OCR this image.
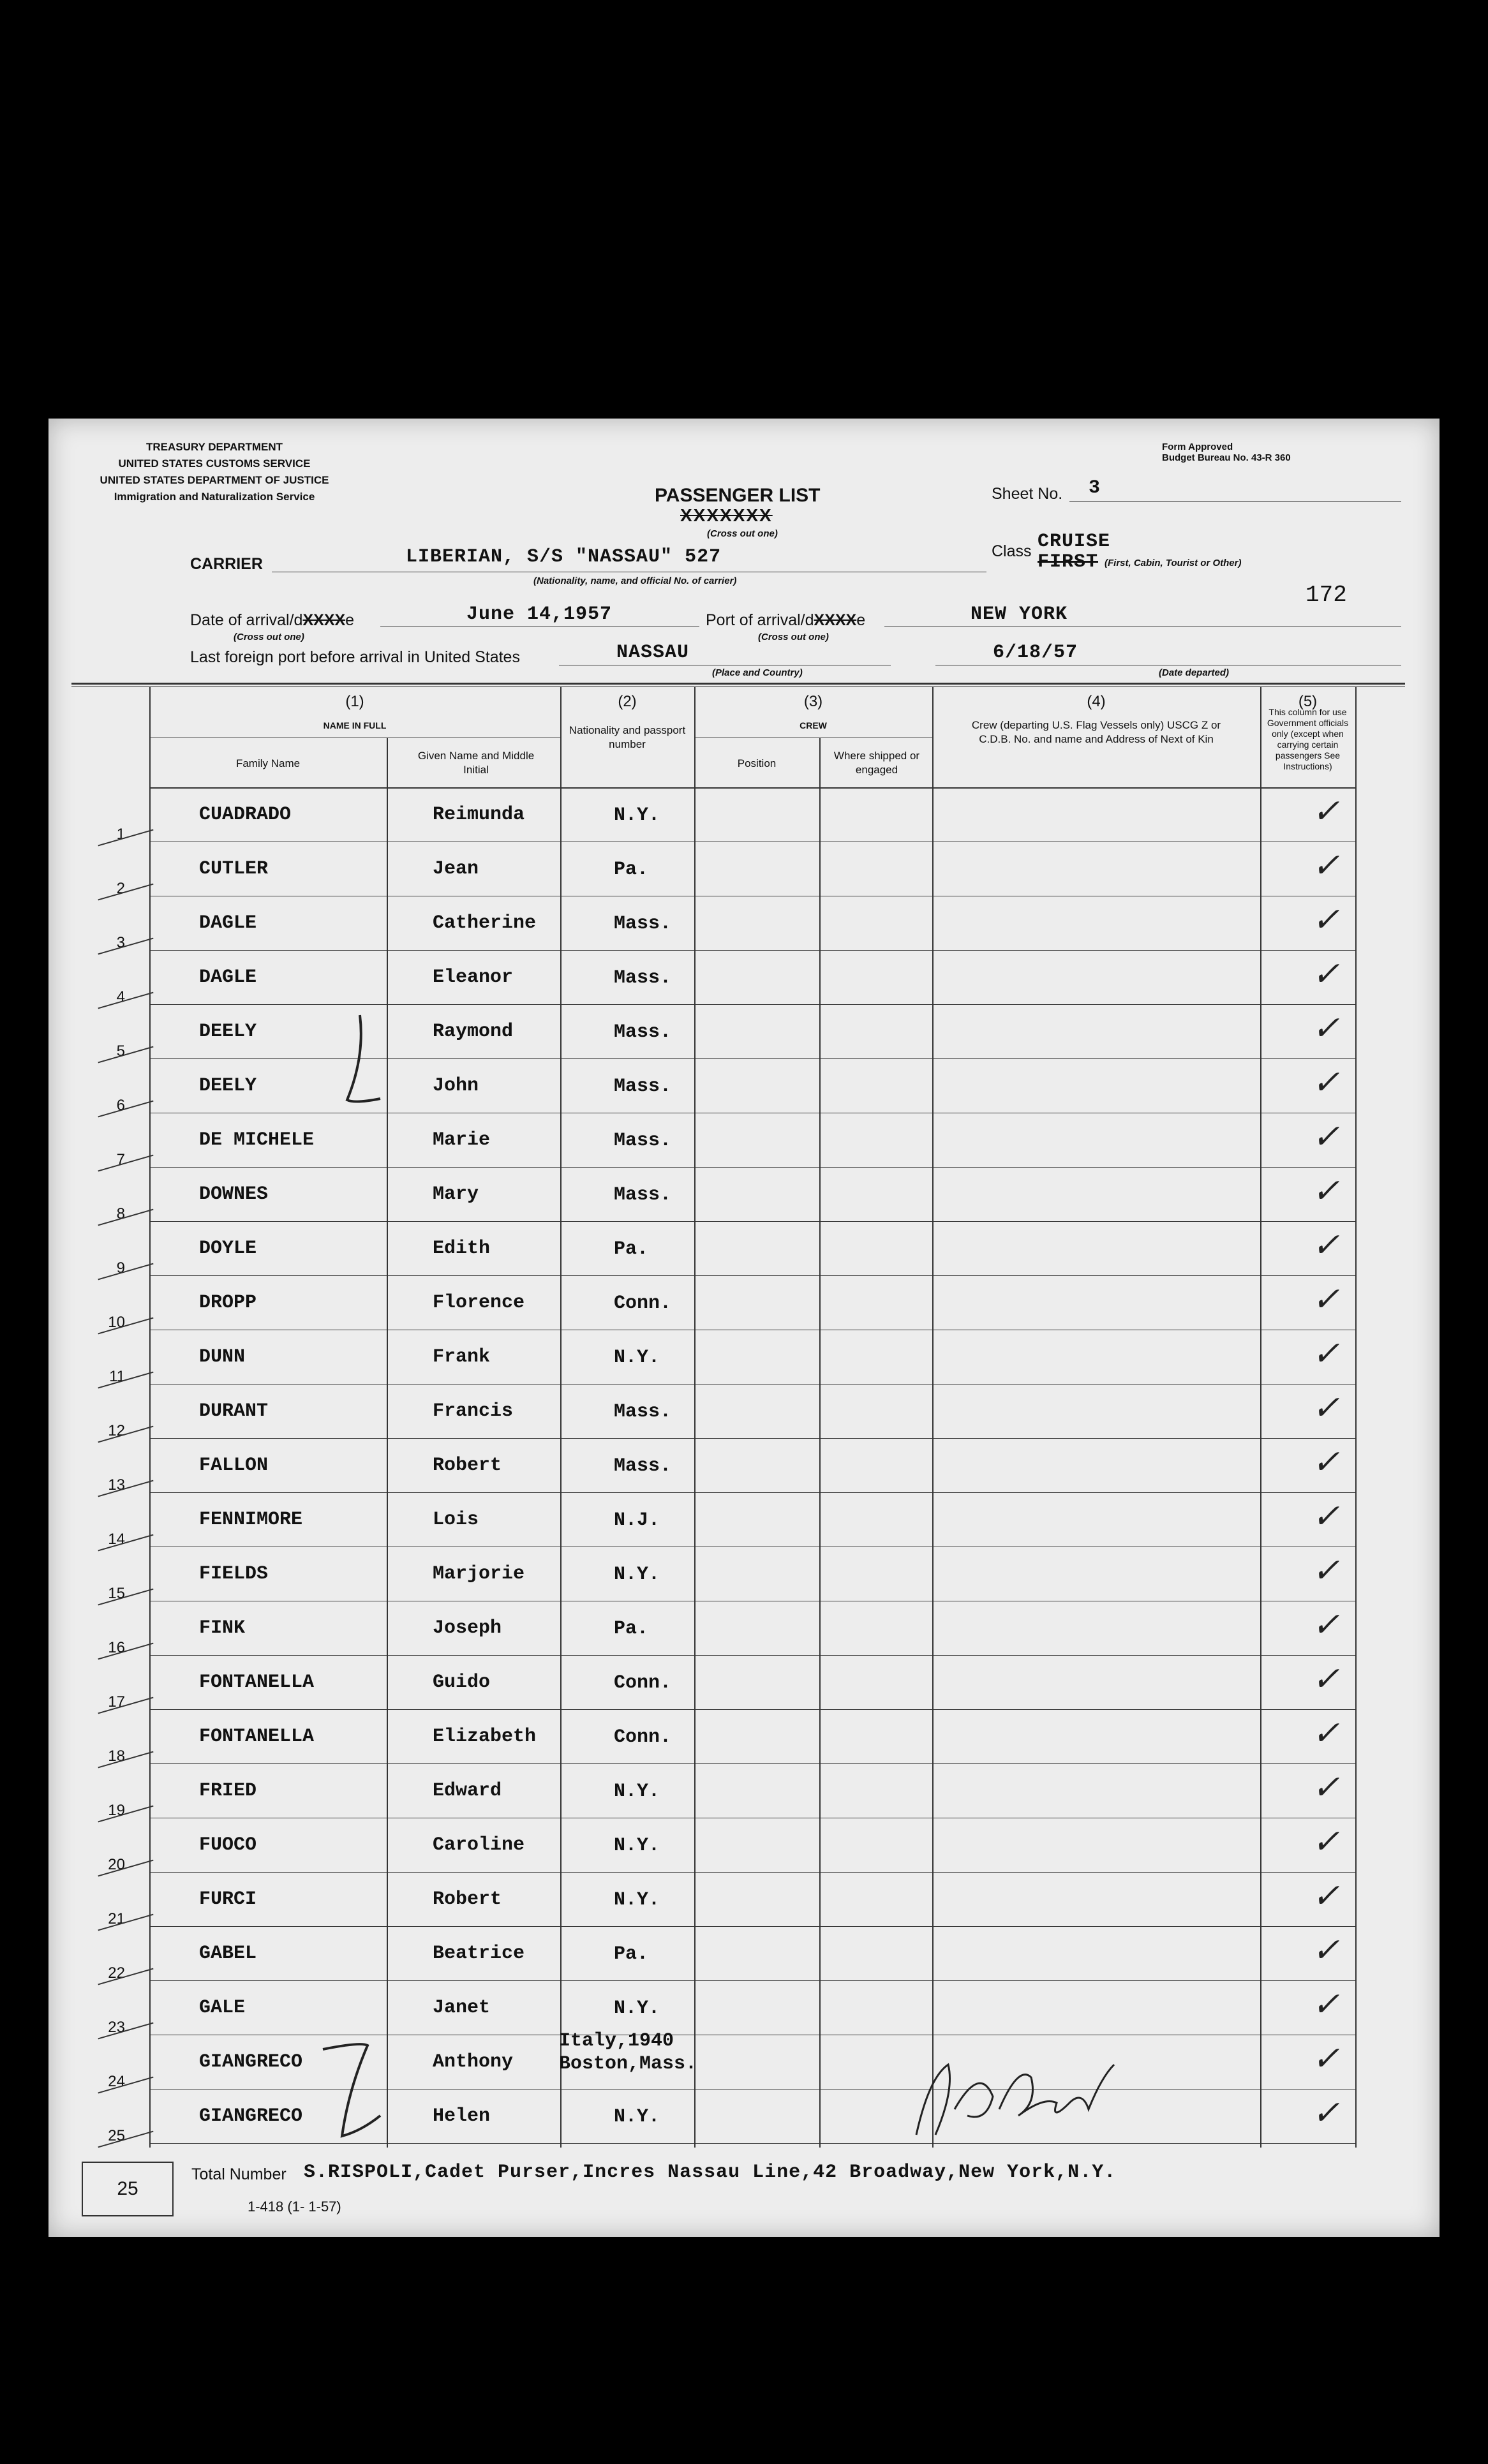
TREASURY DEPARTMENT
UNITED STATES CUSTOMS SERVICE
UNITED STATES DEPARTMENT OF JUSTICE
Immigration and Naturalization Service
Form Approved
Budget Bureau No. 43-R 360
PASSENGER LIST
XXXXXXX
(Cross out one)
Sheet No. 3
CARRIER	LIBERIAN, S/S "NASSAU" 527
(Nationality, name, and official No. of carrier)
Class CRUISE
FIRST (First, Cabin, Tourist or Other)
172
Date of arrival/dXXXXe
(Cross out one)
June 14,1957	Port of arrival/dXXXXe
(Cross out one)
NEW YORK
Last foreign port before arrival in United States	NASSAU
(Place and Country)
6/18/57
(Date departed)
(1)
NAME IN FULL
Family Name
Given Name and Middle Initial
(2)
Nationality and passport number
(3)
CREW
Position
Where shipped or engaged
(4)
Crew (departing U.S. Flag Vessels only) USCG Z or C.D.B. No. and name and Address of Next of Kin
(5)
This column for use Government officials only (except when carrying certain passengers See Instructions)
1
CUADRADO	Reimunda	N.Y.	✓
2
CUTLER	Jean	Pa.	✓
3
DAGLE	Catherine	Mass.	✓
4
DAGLE	Eleanor	Mass.	✓
5
DEELY	Raymond	Mass.	✓
6
DEELY	John	Mass.	✓
7
DE MICHELE	Marie	Mass.	✓
8
DOWNES	Mary	Mass.	✓
9
DOYLE	Edith	Pa.	✓
10
DROPP	Florence	Conn.	✓
11
DUNN	Frank	N.Y.	✓
12
DURANT	Francis	Mass.	✓
13
FALLON	Robert	Mass.	✓
14
FENNIMORE	Lois	N.J.	✓
15
FIELDS	Marjorie	N.Y.	✓
16
FINK	Joseph	Pa.	✓
17
FONTANELLA	Guido	Conn.	✓
18
FONTANELLA	Elizabeth	Conn.	✓
19
FRIED	Edward	N.Y.	✓
20
FUOCO	Caroline	N.Y.	✓
21
FURCI	Robert	N.Y.	✓
22
GABEL	Beatrice	Pa.	✓
23
GALE	Janet	N.Y.	✓
24
GIANGRECO	Anthony
Italy,1940
Boston,Mass.	✓
25
GIANGRECO	Helen	N.Y.	✓
25
Total Number S.RISPOLI,Cadet Purser,Incres Nassau Line,42 Broadway,New York,N.Y.
1-418 (1- 1-57)
